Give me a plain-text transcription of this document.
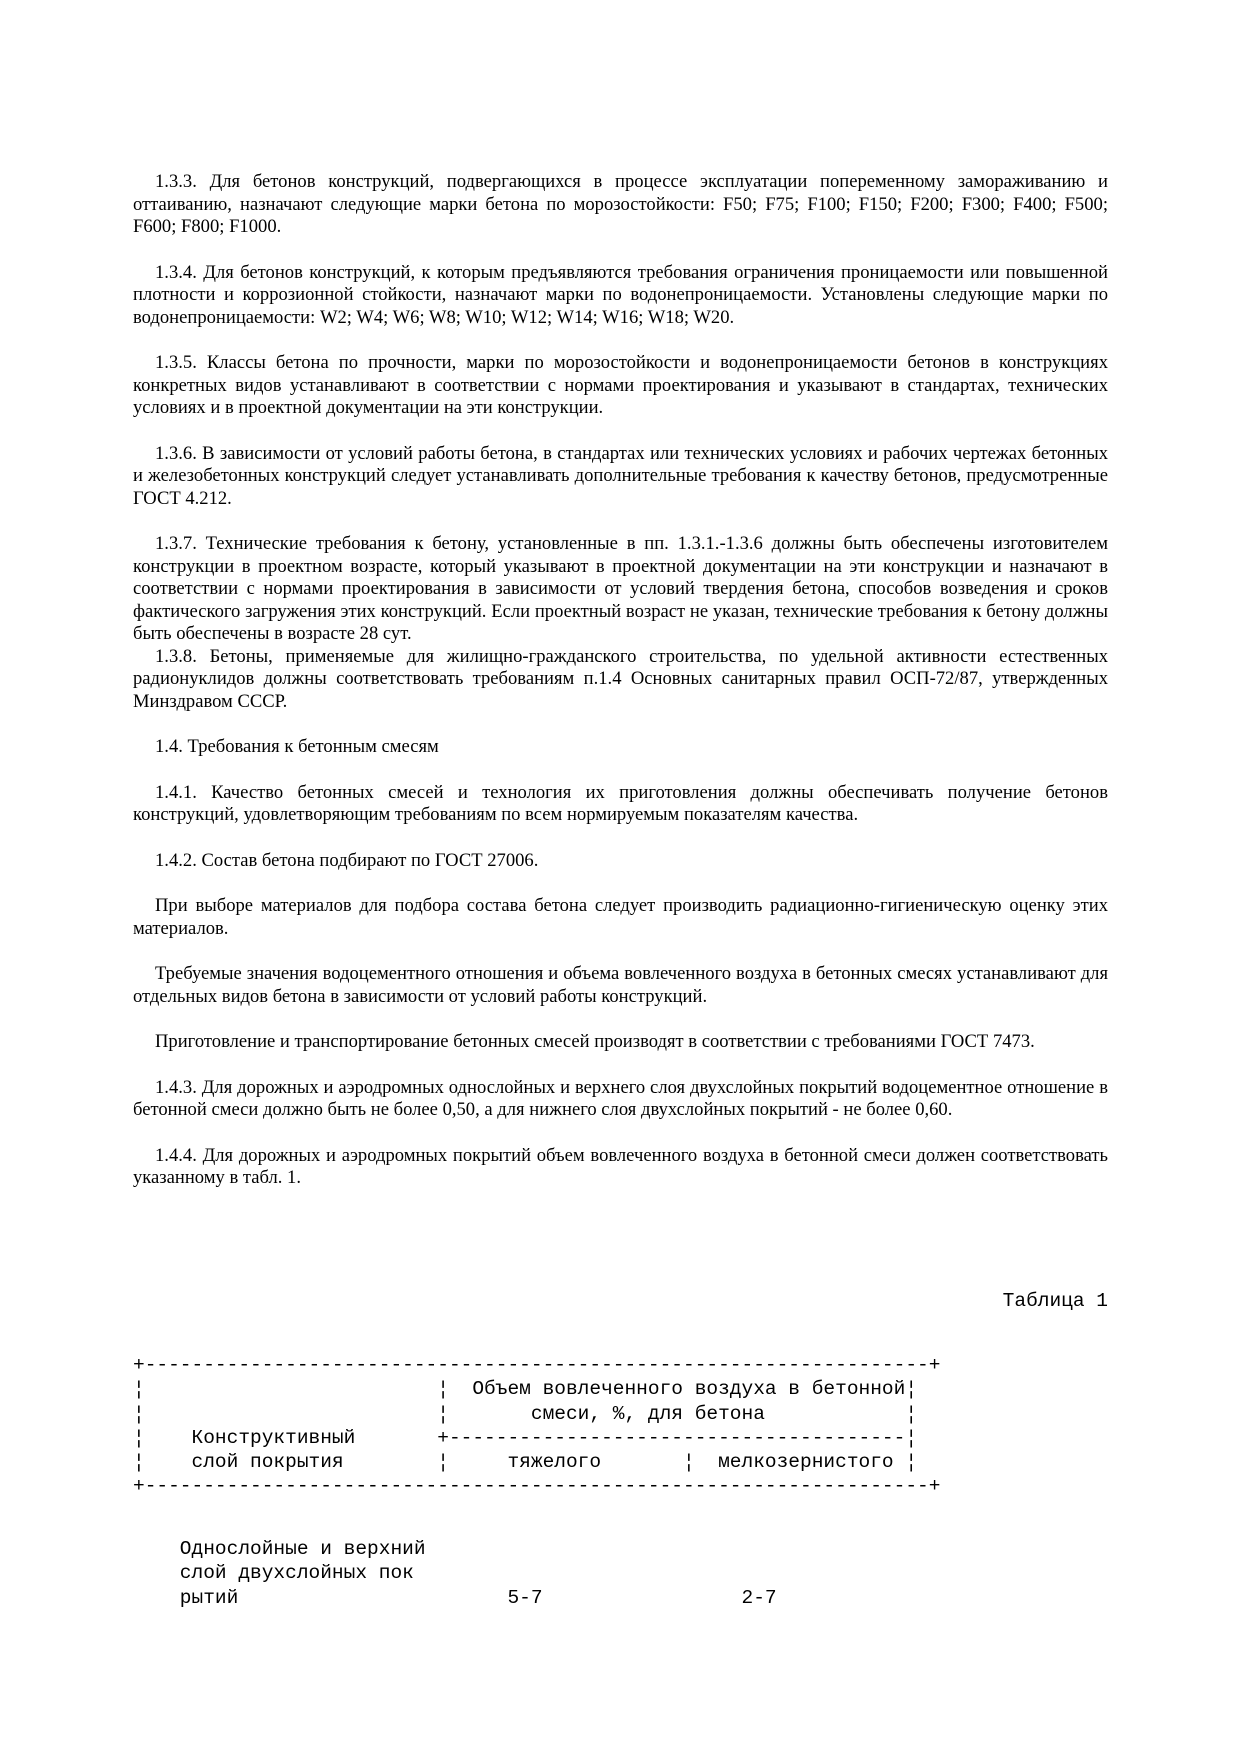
1.3.3. Для бетонов конструкций, подвергающихся в процессе эксплуатации попеременному замораживанию и оттаиванию, назначают следующие марки бетона по морозостойкости: F50; F75; F100; F150; F200; F300; F400; F500; F600; F800; F1000.

1.3.4. Для бетонов конструкций, к которым предъявляются требования ограничения проницаемости или повышенной плотности и коррозионной стойкости, назначают марки по водонепроницаемости. Установлены следующие марки по водонепроницаемости: W2; W4; W6; W8; W10; W12; W14; W16; W18; W20.

1.3.5. Классы бетона по прочности, марки по морозостойкости и водонепроницаемости бетонов в конструкциях конкретных видов устанавливают в соответствии с нормами проектирования и указывают в стандартах, технических условиях и в проектной документации на эти конструкции.

1.3.6. В зависимости от условий работы бетона, в стандартах или технических условиях и рабочих чертежах бетонных и железобетонных конструкций следует устанавливать дополнительные требования к качеству бетонов, предусмотренные ГОСТ 4.212.

1.3.7. Технические требования к бетону, установленные в пп. 1.3.1.-1.3.6 должны быть обеспечены изготовителем конструкции в проектном возрасте, который указывают в проектной документации на эти конструкции и назначают в соответствии с нормами проектирования в зависимости от условий твердения бетона, способов возведения и сроков фактического загружения этих конструкций. Если проектный возраст не указан, технические требования к бетону должны быть обеспечены в возрасте 28 сут.

1.3.8. Бетоны, применяемые для жилищно-гражданского строительства, по удельной активности естественных радионуклидов должны соответствовать требованиям п.1.4 Основных санитарных правил ОСП-72/87, утвержденных Минздравом СССР.

1.4. Требования к бетонным смесям

1.4.1. Качество бетонных смесей и технология их приготовления должны обеспечивать получение бетонов конструкций, удовлетворяющим требованиям по всем нормируемым показателям качества.

1.4.2. Состав бетона подбирают по ГОСТ 27006.

При выборе материалов для подбора состава бетона следует производить радиационно-гигиеническую оценку этих материалов.

Требуемые значения водоцементного отношения и объема вовлеченного воздуха в бетонных смесях устанавливают для отдельных видов бетона в зависимости от условий работы конструкций.

Приготовление и транспортирование бетонных смесей производят в соответствии с требованиями ГОСТ 7473.

1.4.3. Для дорожных и аэродромных однослойных и верхнего слоя двухслойных покрытий водоцементное отношение в бетонной смеси должно быть не более 0,50, а для нижнего слоя двухслойных покрытий - не более 0,60.

1.4.4. Для дорожных и аэродромных покрытий объем вовлеченного воздуха в бетонной смеси должен соответствовать указанному в табл. 1.

Таблица 1

+-------------------------------------------------------------------+
¦                         ¦  Объем вовлеченного воздуха в бетонной¦
¦                         ¦       смеси, %, для бетона            ¦
¦    Конструктивный       +---------------------------------------¦
¦    слой покрытия        ¦     тяжелого       ¦  мелкозернистого ¦
+-------------------------------------------------------------------+
Однослойные и верхний
слой двухслойных пок
рытий                       5-7                 2-7
